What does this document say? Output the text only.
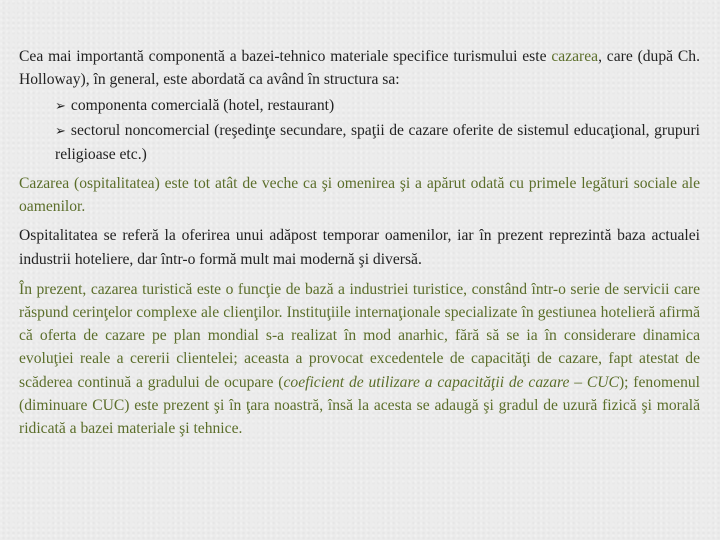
Cea mai importantă componentă a bazei-tehnico materiale specifice turismului este cazarea, care (după Ch. Holloway), în general, este abordată ca având în structura sa:

➢ componenta comercială (hotel, restaurant)
➢ sectorul noncomercial (reşedinţe secundare, spaţii de cazare oferite de sistemul educaţional, grupuri religioase etc.)

Cazarea (ospitalitatea) este tot atât de veche ca şi omenirea şi a apărut odată cu primele legături sociale ale oamenilor.

Ospitalitatea se referă la oferirea unui adăpost temporar oamenilor, iar în prezent reprezintă baza actualei industrii hoteliere, dar într-o formă mult mai modernă şi diversă.

În prezent, cazarea turistică este o funcţie de bază a industriei turistice, constând într-o serie de servicii care răspund cerinţelor complexe ale clienţilor. Instituţiile internaţionale specializate în gestiunea hotelieră afirmă că oferta de cazare pe plan mondial s-a realizat în mod anarhic, fără să se ia în considerare dinamica evoluţiei reale a cererii clientelei; aceasta a provocat excedentele de capacităţi de cazare, fapt atestat de scăderea continuă a gradului de ocupare (coeficient de utilizare a capacităţii de cazare – CUC); fenomenul (diminuare CUC) este prezent şi în ţara noastră, însă la acesta se adaugă şi gradul de uzură fizică şi morală ridicată a bazei materiale şi tehnice.
